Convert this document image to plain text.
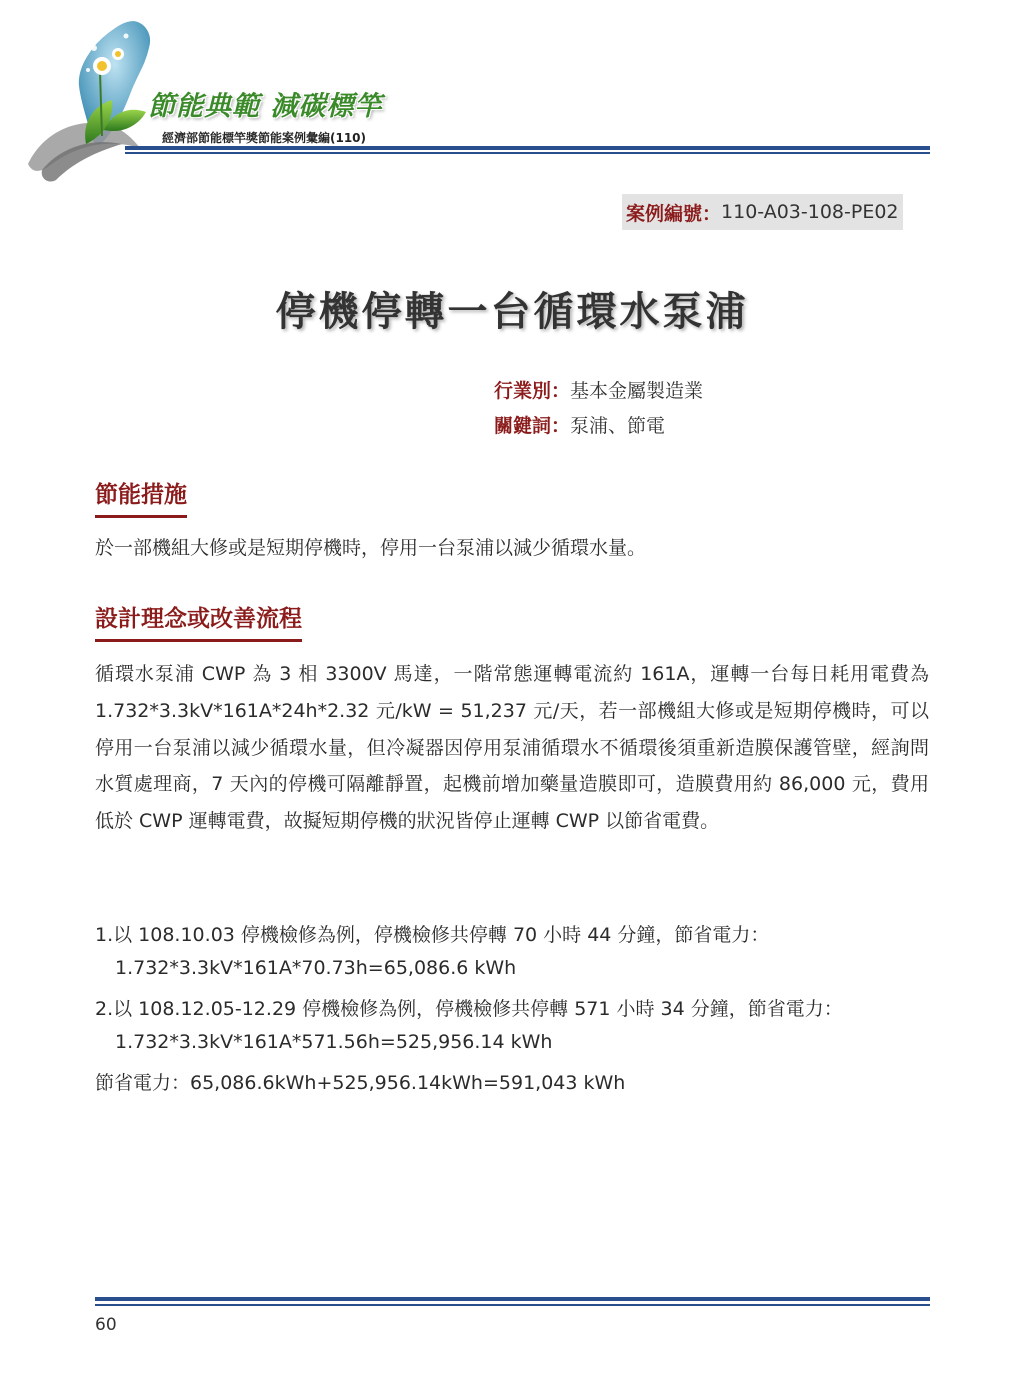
節能典範 減碳標竿
經濟部節能標竿獎節能案例彙編(110)
案例編號： 110-A03-108-PE02
停機停轉一台循環水泵浦
行業別：基本金屬製造業
關鍵詞：泵浦、節電
節能措施
於一部機組大修或是短期停機時，停用一台泵浦以減少循環水量。
設計理念或改善流程
循環水泵浦 CWP 為 3 相 3300V 馬達，一階常態運轉電流約 161A，運轉一台每日耗用電費為 1.732*3.3kV*161A*24h*2.32 元/kW = 51,237 元/天，若一部機組大修或是短期停機時，可以停用一台泵浦以減少循環水量，但冷凝器因停用泵浦循環水不循環後須重新造膜保護管壁，經詢問水質處理商，7 天內的停機可隔離靜置，起機前增加藥量造膜即可，造膜費用約 86,000 元，費用低於 CWP 運轉電費，故擬短期停機的狀況皆停止運轉 CWP 以節省電費。
1.以 108.10.03 停機檢修為例，停機檢修共停轉 70 小時 44 分鐘，節省電力：
1.732*3.3kV*161A*70.73h=65,086.6 kWh
2.以 108.12.05-12.29 停機檢修為例，停機檢修共停轉 571 小時 34 分鐘，節省電力：
1.732*3.3kV*161A*571.56h=525,956.14 kWh
節省電力：65,086.6kWh+525,956.14kWh=591,043 kWh
60
